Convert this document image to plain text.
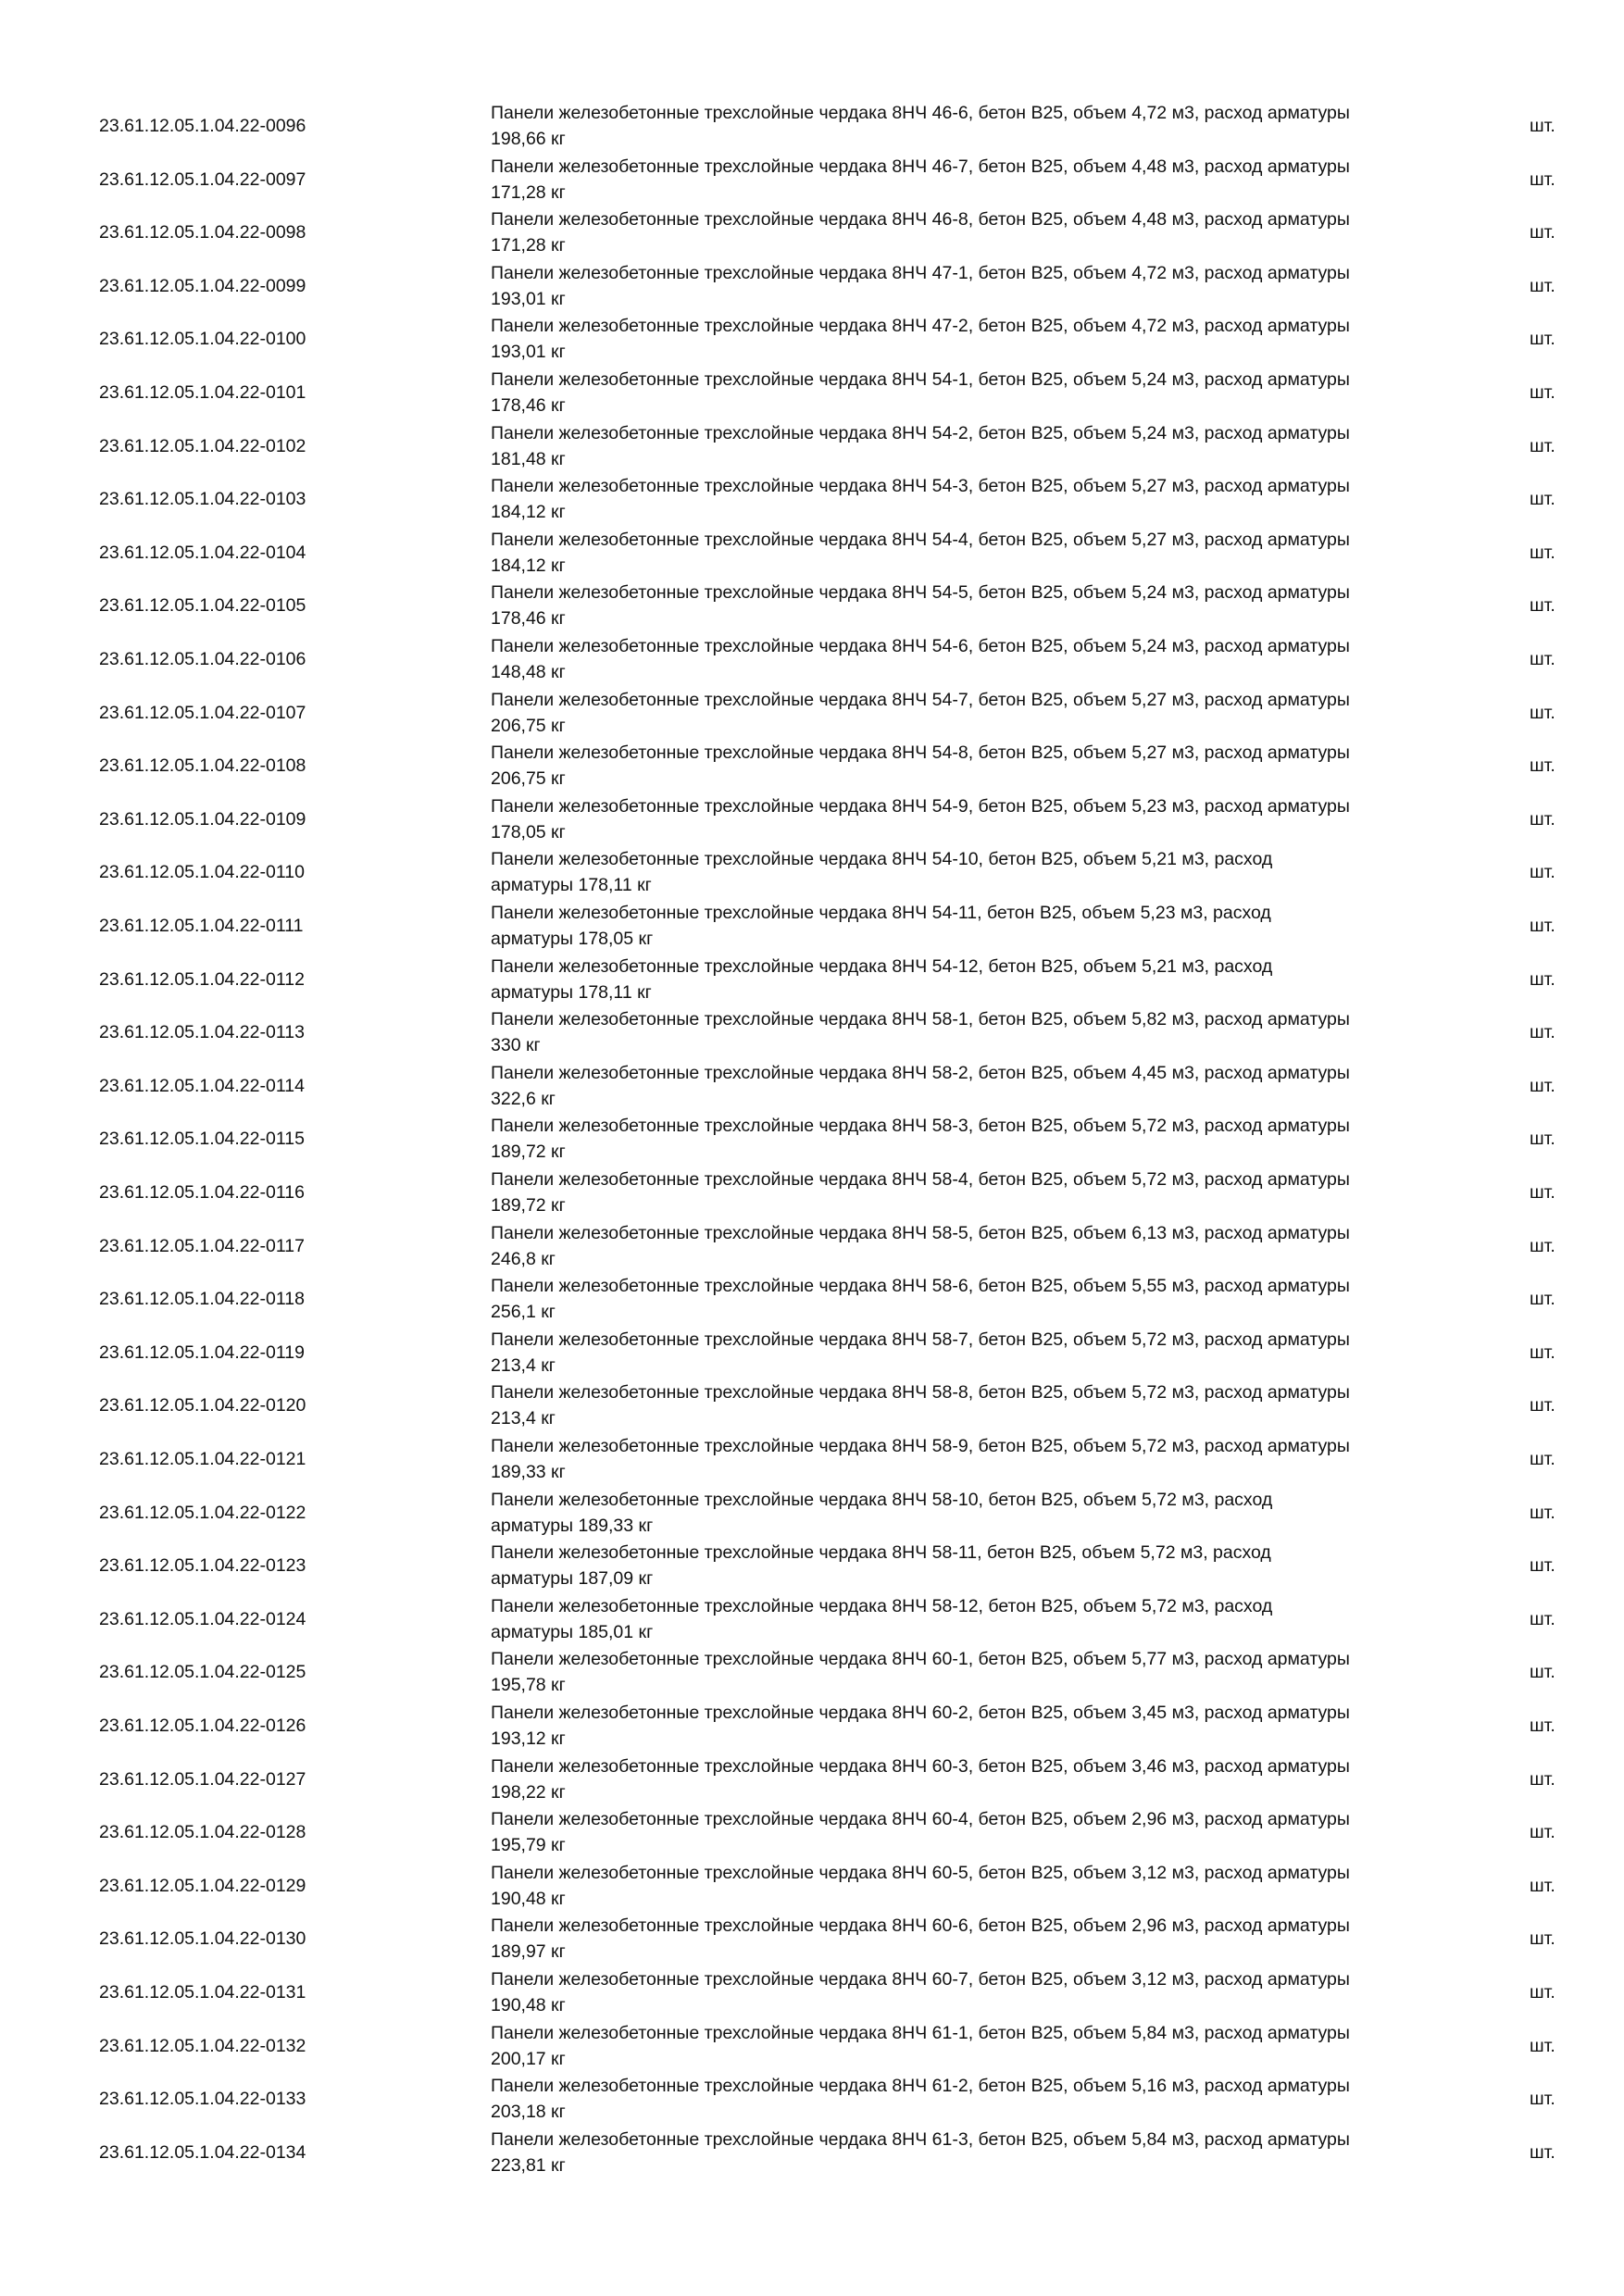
23.61.12.05.1.04.22-0096
Панели железобетонные трехслойные чердака 8НЧ 46-6, бетон В25, объем 4,72 м3, расход арматуры
198,66 кг
шт.
23.61.12.05.1.04.22-0097
Панели железобетонные трехслойные чердака 8НЧ 46-7, бетон В25, объем 4,48 м3, расход арматуры
171,28 кг
шт.
23.61.12.05.1.04.22-0098
Панели железобетонные трехслойные чердака 8НЧ 46-8, бетон В25, объем 4,48 м3, расход арматуры
171,28 кг
шт.
23.61.12.05.1.04.22-0099
Панели железобетонные трехслойные чердака 8НЧ 47-1, бетон В25, объем 4,72 м3, расход арматуры
193,01 кг
шт.
23.61.12.05.1.04.22-0100
Панели железобетонные трехслойные чердака 8НЧ 47-2, бетон В25, объем 4,72 м3, расход арматуры
193,01 кг
шт.
23.61.12.05.1.04.22-0101
Панели железобетонные трехслойные чердака 8НЧ 54-1, бетон В25, объем 5,24 м3, расход арматуры
178,46 кг
шт.
23.61.12.05.1.04.22-0102
Панели железобетонные трехслойные чердака 8НЧ 54-2, бетон В25, объем 5,24 м3, расход арматуры
181,48 кг
шт.
23.61.12.05.1.04.22-0103
Панели железобетонные трехслойные чердака 8НЧ 54-3, бетон В25, объем 5,27 м3, расход арматуры
184,12 кг
шт.
23.61.12.05.1.04.22-0104
Панели железобетонные трехслойные чердака 8НЧ 54-4, бетон В25, объем 5,27 м3, расход арматуры
184,12 кг
шт.
23.61.12.05.1.04.22-0105
Панели железобетонные трехслойные чердака 8НЧ 54-5, бетон В25, объем 5,24 м3, расход арматуры
178,46 кг
шт.
23.61.12.05.1.04.22-0106
Панели железобетонные трехслойные чердака 8НЧ 54-6, бетон В25, объем 5,24 м3, расход арматуры
148,48 кг
шт.
23.61.12.05.1.04.22-0107
Панели железобетонные трехслойные чердака 8НЧ 54-7, бетон В25, объем 5,27 м3, расход арматуры
206,75 кг
шт.
23.61.12.05.1.04.22-0108
Панели железобетонные трехслойные чердака 8НЧ 54-8, бетон В25, объем 5,27 м3, расход арматуры
206,75 кг
шт.
23.61.12.05.1.04.22-0109
Панели железобетонные трехслойные чердака 8НЧ 54-9, бетон В25, объем 5,23 м3, расход арматуры
178,05 кг
шт.
23.61.12.05.1.04.22-0110
Панели железобетонные трехслойные чердака 8НЧ 54-10, бетон В25, объем 5,21 м3, расход
арматуры 178,11 кг
шт.
23.61.12.05.1.04.22-0111
Панели железобетонные трехслойные чердака 8НЧ 54-11, бетон В25, объем 5,23 м3, расход
арматуры 178,05 кг
шт.
23.61.12.05.1.04.22-0112
Панели железобетонные трехслойные чердака 8НЧ 54-12, бетон В25, объем 5,21 м3, расход
арматуры 178,11 кг
шт.
23.61.12.05.1.04.22-0113
Панели железобетонные трехслойные чердака 8НЧ 58-1, бетон В25, объем 5,82 м3, расход арматуры
330 кг
шт.
23.61.12.05.1.04.22-0114
Панели железобетонные трехслойные чердака 8НЧ 58-2, бетон В25, объем 4,45 м3, расход арматуры
322,6 кг
шт.
23.61.12.05.1.04.22-0115
Панели железобетонные трехслойные чердака 8НЧ 58-3, бетон В25, объем 5,72 м3, расход арматуры
189,72 кг
шт.
23.61.12.05.1.04.22-0116
Панели железобетонные трехслойные чердака 8НЧ 58-4, бетон В25, объем 5,72 м3, расход арматуры
189,72 кг
шт.
23.61.12.05.1.04.22-0117
Панели железобетонные трехслойные чердака 8НЧ 58-5, бетон В25, объем 6,13 м3, расход арматуры
246,8 кг
шт.
23.61.12.05.1.04.22-0118
Панели железобетонные трехслойные чердака 8НЧ 58-6, бетон В25, объем 5,55 м3, расход арматуры
256,1 кг
шт.
23.61.12.05.1.04.22-0119
Панели железобетонные трехслойные чердака 8НЧ 58-7, бетон В25, объем 5,72 м3, расход арматуры
213,4 кг
шт.
23.61.12.05.1.04.22-0120
Панели железобетонные трехслойные чердака 8НЧ 58-8, бетон В25, объем 5,72 м3, расход арматуры
213,4 кг
шт.
23.61.12.05.1.04.22-0121
Панели железобетонные трехслойные чердака 8НЧ 58-9, бетон В25, объем 5,72 м3, расход арматуры
189,33 кг
шт.
23.61.12.05.1.04.22-0122
Панели железобетонные трехслойные чердака 8НЧ 58-10, бетон В25, объем 5,72 м3, расход
арматуры 189,33 кг
шт.
23.61.12.05.1.04.22-0123
Панели железобетонные трехслойные чердака 8НЧ 58-11, бетон В25, объем 5,72 м3, расход
арматуры 187,09 кг
шт.
23.61.12.05.1.04.22-0124
Панели железобетонные трехслойные чердака 8НЧ 58-12, бетон В25, объем 5,72 м3, расход
арматуры 185,01 кг
шт.
23.61.12.05.1.04.22-0125
Панели железобетонные трехслойные чердака 8НЧ 60-1, бетон В25, объем 5,77 м3, расход арматуры
195,78 кг
шт.
23.61.12.05.1.04.22-0126
Панели железобетонные трехслойные чердака 8НЧ 60-2, бетон В25, объем 3,45 м3, расход арматуры
193,12 кг
шт.
23.61.12.05.1.04.22-0127
Панели железобетонные трехслойные чердака 8НЧ 60-3, бетон В25, объем 3,46 м3, расход арматуры
198,22 кг
шт.
23.61.12.05.1.04.22-0128
Панели железобетонные трехслойные чердака 8НЧ 60-4, бетон В25, объем 2,96 м3, расход арматуры
195,79 кг
шт.
23.61.12.05.1.04.22-0129
Панели железобетонные трехслойные чердака 8НЧ 60-5, бетон В25, объем 3,12 м3, расход арматуры
190,48 кг
шт.
23.61.12.05.1.04.22-0130
Панели железобетонные трехслойные чердака 8НЧ 60-6, бетон В25, объем 2,96 м3, расход арматуры
189,97 кг
шт.
23.61.12.05.1.04.22-0131
Панели железобетонные трехслойные чердака 8НЧ 60-7, бетон В25, объем 3,12 м3, расход арматуры
190,48 кг
шт.
23.61.12.05.1.04.22-0132
Панели железобетонные трехслойные чердака 8НЧ 61-1, бетон В25, объем 5,84 м3, расход арматуры
200,17 кг
шт.
23.61.12.05.1.04.22-0133
Панели железобетонные трехслойные чердака 8НЧ 61-2, бетон В25, объем 5,16 м3, расход арматуры
203,18 кг
шт.
23.61.12.05.1.04.22-0134
Панели железобетонные трехслойные чердака 8НЧ 61-3, бетон В25, объем 5,84 м3, расход арматуры
223,81 кг
шт.
